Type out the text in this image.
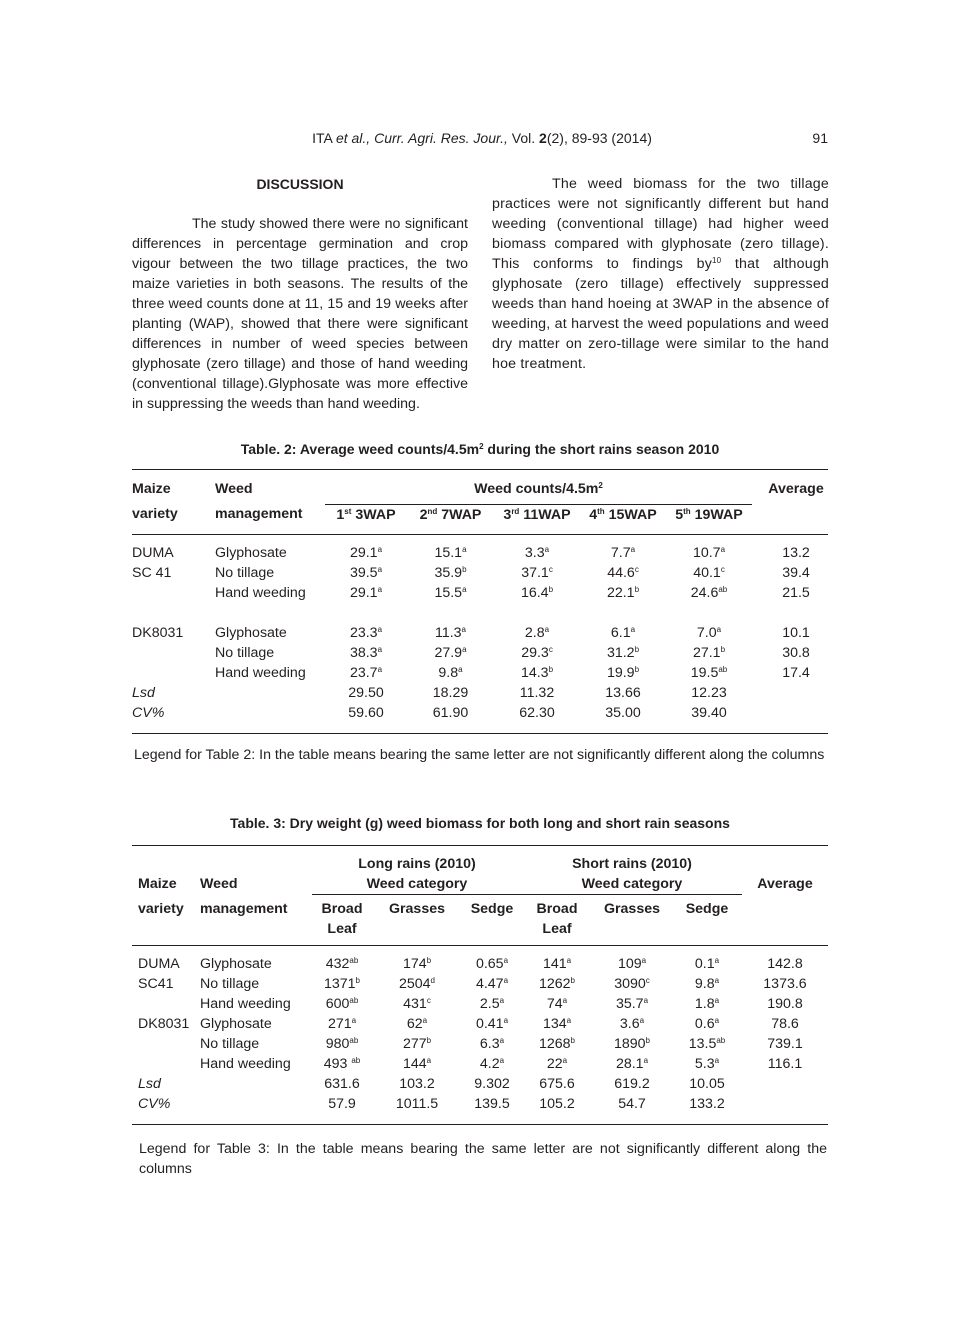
ITA et al., Curr. Agri. Res. Jour., Vol. 2(2), 89-93 (2014)	91
DISCUSSION

The study showed there were no significant differences in percentage germination and crop vigour between the two tillage practices, the two maize varieties in both seasons. The results of the three weed counts done at 11, 15 and 19 weeks after planting (WAP), showed that there were significant differences in number of weed species between glyphosate (zero tillage) and those of hand weeding (conventional tillage).Glyphosate was more effective in suppressing the weeds than hand weeding.

The weed biomass for the two tillage practices were not significantly different but hand weeding (conventional tillage) had higher weed biomass compared with glyphosate (zero tillage). This conforms to findings $by^{10}$ that although glyphosate (zero tillage) effectively suppressed weeds than hand hoeing at 3WAP in the absence of weeding, at harvest the weed populations and weed dry matter on zero-tillage were similar to the hand hoe treatment.

Table. 2: Average weed counts/$4.5m^2$ during the short rains season 2010
Maize	Weed	Weed counts/$4.5m^2$					Average
variety	management	1st 3WAP	2nd 7WAP	3rd 11WAP	4th 15WAP	5th 19WAP	
DUMA	Glyphosate	29.1$^a$	15.1$^a$	3.3$^a$	7.7$^a$	10.7$^a$	13.2
SC 41	No tillage	39.5$^a$	35.9$^b$	37.1$^c$	44.6$^c$	40.1$^c$	39.4
	Hand weeding	29.1$^a$	15.5$^a$	16.4$^b$	22.1$^b$	24.6$^{ab}$	21.5
DK8031	Glyphosate	23.3$^a$	11.3$^a$	2.8$^a$	6.1$^a$	7.0$^a$	10.1
	No tillage	38.3$^a$	27.9$^a$	29.3$^c$	31.2$^b$	27.1$^b$	30.8
	Hand weeding	23.7$^a$	9.8$^a$	14.3$^b$	19.9$^b$	19.5$^{ab}$	17.4
Lsd		29.50	18.29	11.32	13.66	12.23	
CV%		59.60	61.90	62.30	35.00	39.40	
Legend for Table 2: In the table means bearing the same letter are not significantly different along the columns
Table. 3: Dry weight (g) weed biomass for both long and short rain seasons
		Long rains (2010)			Short rains (2010)			
Maize	Weed	Weed category			Weed category			Average
variety	management	Broad	Grasses	Sedge	Broad	Grasses	Sedge	
		Leaf			Leaf			
DUMA	Glyphosate	$432^{ab}$	174$^b$	0.65$^a$	141$^a$	109$^a$	0.1$^a$	142.8
SC41	No tillage	1371$^b$	2504$^d$	4.47$^a$	1262$^b$	3090$^c$	9.8$^a$	1373.6
	Hand weeding	$600^{ab}$	431$^c$	2.5$^a$	74$^a$	35.7$^a$	1.8$^a$	190.8
DK8031	Glyphosate	271$^a$	62$^a$	0.41$^a$	134$^a$	3.6$^a$	0.6$^a$	78.6
	No tillage	$980^{ab}$	277$^b$	6.3$^a$	1268$^b$	1890$^b$	13.5$^{ab}$	739.1
	Hand weeding	493 $^{ab}$	144$^a$	4.2$^a$	22$^a$	28.1$^a$	5.3$^a$	116.1
Lsd		631.6	103.2	9.302	675.6	619.2	10.05	
CV%		57.9	1011.5	139.5	105.2	54.7	133.2	
Legend for Table 3: In the table means bearing the same letter are not significantly different along the columns
